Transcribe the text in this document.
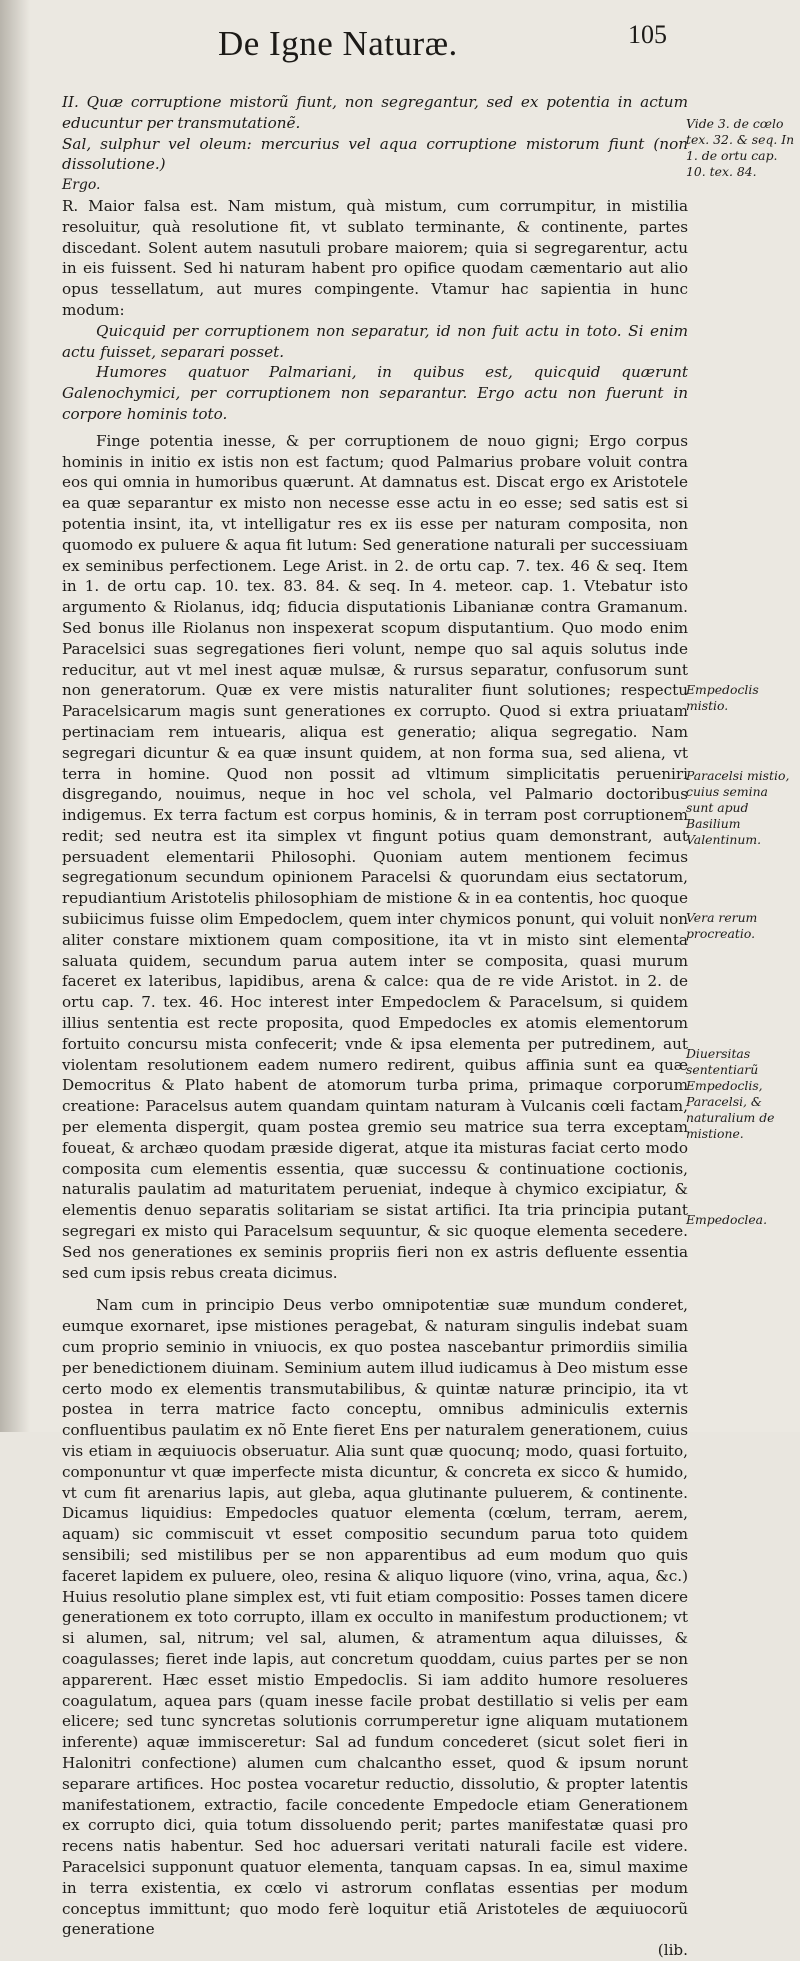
De Igne Naturæ.	105

II. Quæ corruptione mistorũ fiunt, non segregantur, sed ex potentia in actum educuntur per transmutationẽ.

Sal, sulphur vel oleum: mercurius vel aqua corruptione mistorum fiunt (non dissolutione.)

Ergo.

R. Maior falsa est. Nam mistum, quà mistum, cum corrumpitur, in mistilia resoluitur, quà resolutione fit, vt sublato terminante, & continente, partes discedant. Solent autem nasutuli probare maiorem; quia si segregarentur, actu in eis fuissent. Sed hi naturam habent pro opifice quodam cæmentario aut alio opus tessellatum, aut mures compingente. Vtamur hac sapientia in hunc modum:

Quicquid per corruptionem non separatur, id non fuit actu in toto. Si enim actu fuisset, separari posset.

Humores quatuor Palmariani, in quibus est, quicquid quærunt Galenochymici, per corruptionem non separantur. Ergo actu non fuerunt in corpore hominis toto.

Finge potentia inesse, & per corruptionem de nouo gigni; Ergo corpus hominis in initio ex istis non est factum; quod Palmarius probare voluit contra eos qui omnia in humoribus quærunt. At damnatus est. Discat ergo ex Aristotele ea quæ separantur ex misto non necesse esse actu in eo esse; sed satis est si potentia insint, ita, vt intelligatur res ex iis esse per naturam composita, non quomodo ex puluere & aqua fit lutum: Sed generatione naturali per successiuam ex seminibus perfectionem. Lege Arist. in 2. de ortu cap. 7. tex. 46 & seq. Item in 1. de ortu cap. 10. tex. 83. 84. & seq. In 4. meteor. cap. 1. Vtebatur isto argumento & Riolanus, idq; fiducia disputationis Libanianæ contra Gramanum. Sed bonus ille Riolanus non inspexerat scopum disputantium. Quo modo enim Paracelsici suas segregationes fieri volunt, nempe quo sal aquis solutus inde reducitur, aut vt mel inest aquæ mulsæ, & rursus separatur, confusorum sunt non generatorum. Quæ ex vere mistis naturaliter fiunt solutiones; respectu Paracelsicarum magis sunt generationes ex corrupto. Quod si extra priuatam pertinaciam rem intuearis, aliqua est generatio; aliqua segregatio. Nam segregari dicuntur & ea quæ insunt quidem, at non forma sua, sed aliena, vt terra in homine. Quod non possit ad vltimum simplicitatis perueniri disgregando, nouimus, neque in hoc vel schola, vel Palmario doctoribus indigemus. Ex terra factum est corpus hominis, & in terram post corruptionem redit; sed neutra est ita simplex vt fingunt potius quam demonstrant, aut persuadent elementarii Philosophi. Quoniam autem mentionem fecimus segregationum secundum opinionem Paracelsi & quorundam eius sectatorum, repudiantium Aristotelis philosophiam de mistione & in ea contentis, hoc quoque subiicimus fuisse olim Empedoclem, quem inter chymicos ponunt, qui voluit non aliter constare mixtionem quam compositione, ita vt in misto sint elementa saluata quidem, secundum parua autem inter se composita, quasi murum faceret ex lateribus, lapidibus, arena & calce: qua de re vide Aristot. in 2. de ortu cap. 7. tex. 46. Hoc interest inter Empedoclem & Paracelsum, si quidem illius sententia est recte proposita, quod Empedocles ex atomis elementorum fortuito concursu mista confecerit; vnde & ipsa elementa per putredinem, aut violentam resolutionem eadem numero redirent, quibus affinia sunt ea quæ Democritus & Plato habent de atomorum turba prima, primaque corporum creatione: Paracelsus autem quandam quintam naturam à Vulcanis cœli factam, per elementa dispergit, quam postea gremio seu matrice sua terra exceptam foueat, & archæo quodam præside digerat, atque ita misturas faciat certo modo composita cum elementis essentia, quæ successu & continuatione coctionis, naturalis paulatim ad maturitatem perueniat, indeque à chymico excipiatur, & elementis denuo separatis solitariam se sistat artifici. Ita tria principia putant segregari ex misto qui Paracelsum sequuntur, & sic quoque elementa secedere. Sed nos generationes ex seminis propriis fieri non ex astris defluente essentia sed cum ipsis rebus creata dicimus.

Nam cum in principio Deus verbo omnipotentiæ suæ mundum conderet, eumque exornaret, ipse mistiones peragebat, & naturam singulis indebat suam cum proprio seminio in vniuocis, ex quo postea nascebantur primordiis similia per benedictionem diuinam. Seminium autem illud iudicamus à Deo mistum esse certo modo ex elementis transmutabilibus, & quintæ naturæ principio, ita vt postea in terra matrice facto conceptu, omnibus adminiculis externis confluentibus paulatim ex nõ Ente fieret Ens per naturalem generationem, cuius vis etiam in æquiuocis obseruatur. Alia sunt quæ quocunq; modo, quasi fortuito, componuntur vt quæ imperfecte mista dicuntur, & concreta ex sicco & humido, vt cum fit arenarius lapis, aut gleba, aqua glutinante puluerem, & continente. Dicamus liquidius: Empedocles quatuor elementa (cœlum, terram, aerem, aquam) sic commiscuit vt esset compositio secundum parua toto quidem sensibili; sed mistilibus per se non apparentibus ad eum modum quo quis faceret lapidem ex puluere, oleo, resina & aliquo liquore (vino, vrina, aqua, &c.) Huius resolutio plane simplex est, vti fuit etiam compositio: Posses tamen dicere generationem ex toto corrupto, illam ex occulto in manifestum productionem; vt si alumen, sal, nitrum; vel sal, alumen, & atramentum aqua diluisses, & coagulasses; fieret inde lapis, aut concretum quoddam, cuius partes per se non apparerent. Hæc esset mistio Empedoclis. Si iam addito humore resolueres coagulatum, aquea pars (quam inesse facile probat destillatio si velis per eam elicere; sed tunc syncretas solutionis corrumperetur igne aliquam mutationem inferente) aquæ immisceretur: Sal ad fundum concederet (sicut solet fieri in Halonitri confectione) alumen cum chalcantho esset, quod & ipsum norunt separare artifices. Hoc postea vocaretur reductio, dissolutio, & propter latentis manifestationem, extractio, facile concedente Empedocle etiam Generationem ex corrupto dici, quia totum dissoluendo perit; partes manifestatæ quasi pro recens natis habentur. Sed hoc aduersari veritati naturali facile est videre. Paracelsici supponunt quatuor elementa, tanquam capsas. In ea, simul maxime in terra existentia, ex cœlo vi astrorum conflatas essentias per modum conceptus immittunt; quo modo ferè loquitur etiã Aristoteles de æquiuocorũ generatione

(lib.

Vide 3. de cœlo tex. 32. & seq. In 1. de ortu cap. 10. tex. 84.
Empedoclis mistio.
Paracelsi mistio, cuius semina sunt apud Basilium Valentinum.
Vera rerum procreatio.
Diuersitas sententiarũ Empedoclis, Paracelsi, & naturalium de mistione.
Empedoclea.
